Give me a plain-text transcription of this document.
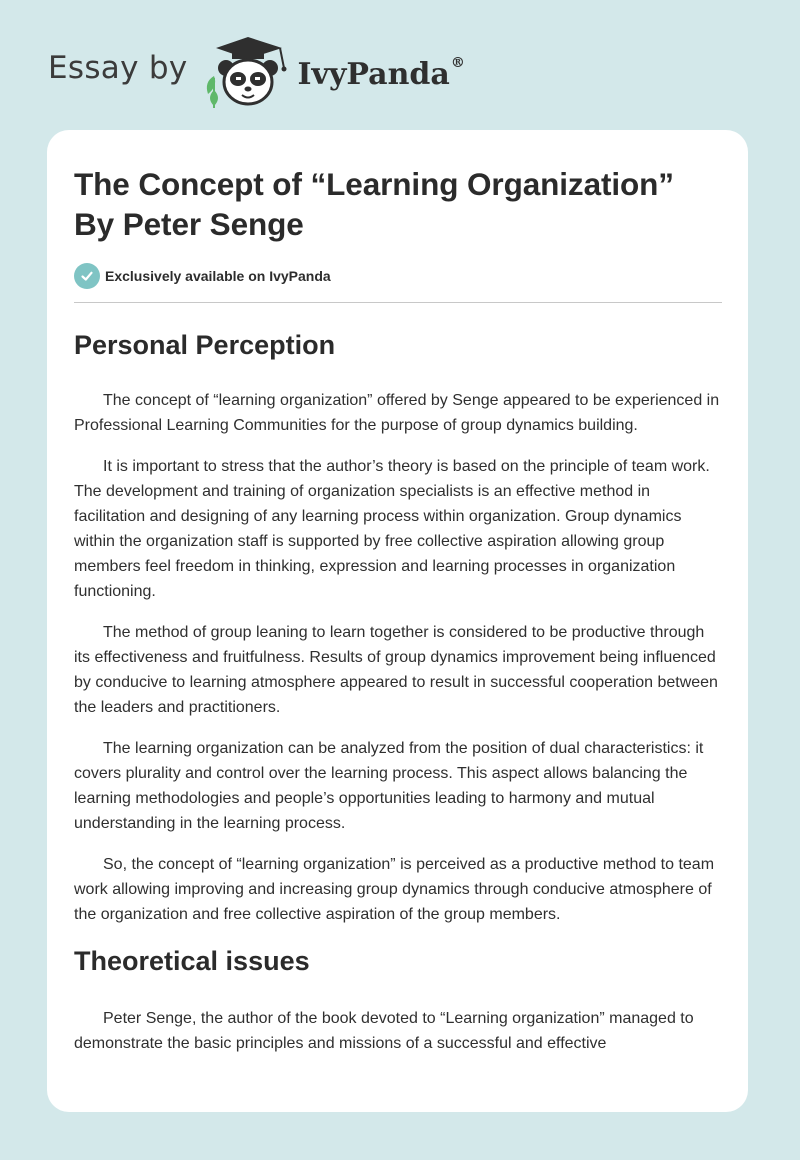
Essay by	IvyPanda®
The Concept of “Learning Organization”
By Peter Senge
Exclusively available on IvyPanda
Personal Perception

The concept of “learning organization” offered by Senge appeared to be experienced in Professional Learning Communities for the purpose of group dynamics building.

It is important to stress that the author’s theory is based on the principle of team work. The development and training of organization specialists is an effective method in facilitation and designing of any learning process within organization. Group dynamics within the organization staff is supported by free collective aspiration allowing group members feel freedom in thinking, expression and learning processes in organization functioning.

The method of group leaning to learn together is considered to be productive through its effectiveness and fruitfulness. Results of group dynamics improvement being influenced by conducive to learning atmosphere appeared to result in successful cooperation between the leaders and practitioners.

The learning organization can be analyzed from the position of dual characteristics: it covers plurality and control over the learning process. This aspect allows balancing the learning methodologies and people’s opportunities leading to harmony and mutual understanding in the learning process.

So, the concept of “learning organization” is perceived as a productive method to team work allowing improving and increasing group dynamics through conducive atmosphere of the organization and free collective aspiration of the group members.

Theoretical issues

Peter Senge, the author of the book devoted to “Learning organization” managed to demonstrate the basic principles and missions of a successful and effective
